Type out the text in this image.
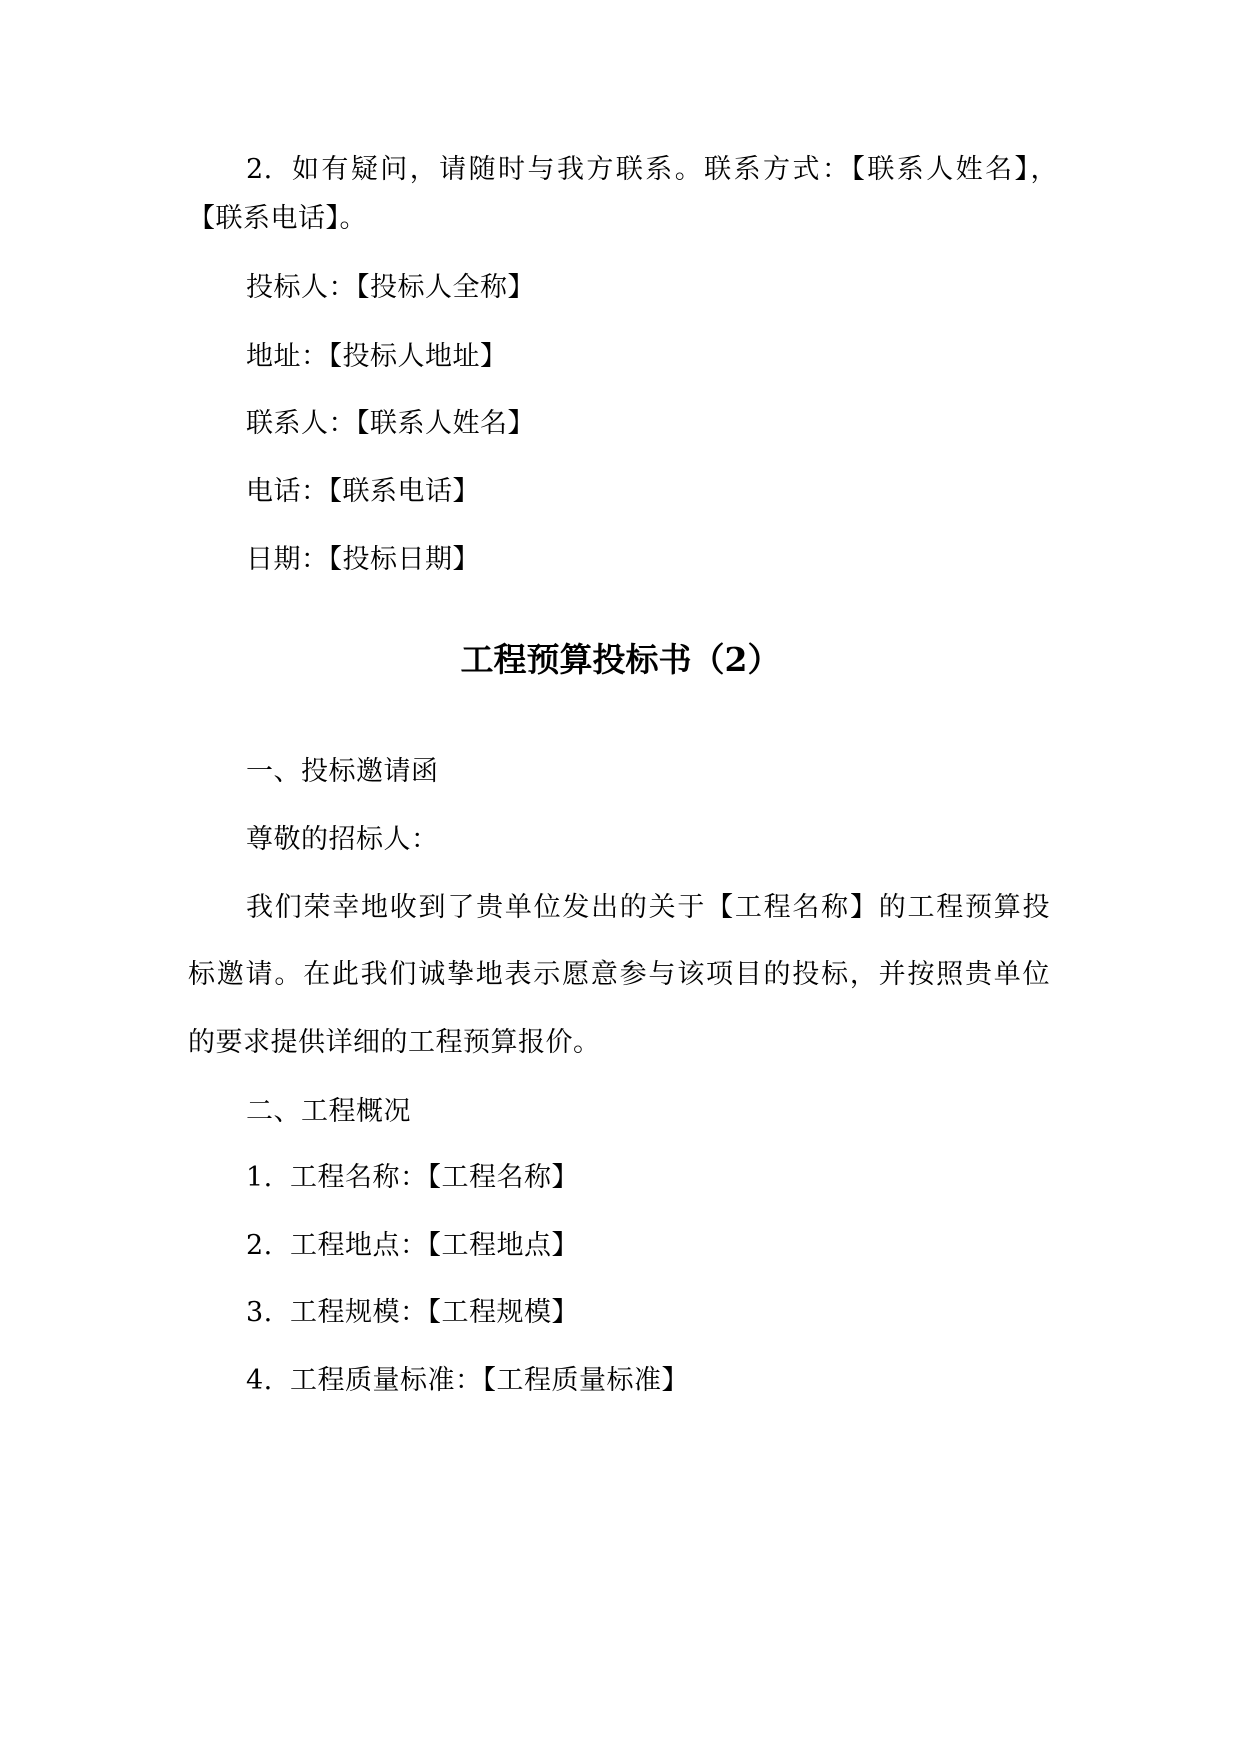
2. 如有疑问，请随时与我方联系。联系方式：【联系人姓名】，
【联系电话】。
投标人：【投标人全称】
地址：【投标人地址】
联系人：【联系人姓名】
电话：【联系电话】
日期：【投标日期】
工程预算投标书（2）
一、投标邀请函
尊敬的招标人：
我们荣幸地收到了贵单位发出的关于【工程名称】的工程预算投
标邀请。在此我们诚挚地表示愿意参与该项目的投标，并按照贵单位
的要求提供详细的工程预算报价。
二、工程概况
1. 工程名称：【工程名称】
2. 工程地点：【工程地点】
3. 工程规模：【工程规模】
4. 工程质量标准：【工程质量标准】
